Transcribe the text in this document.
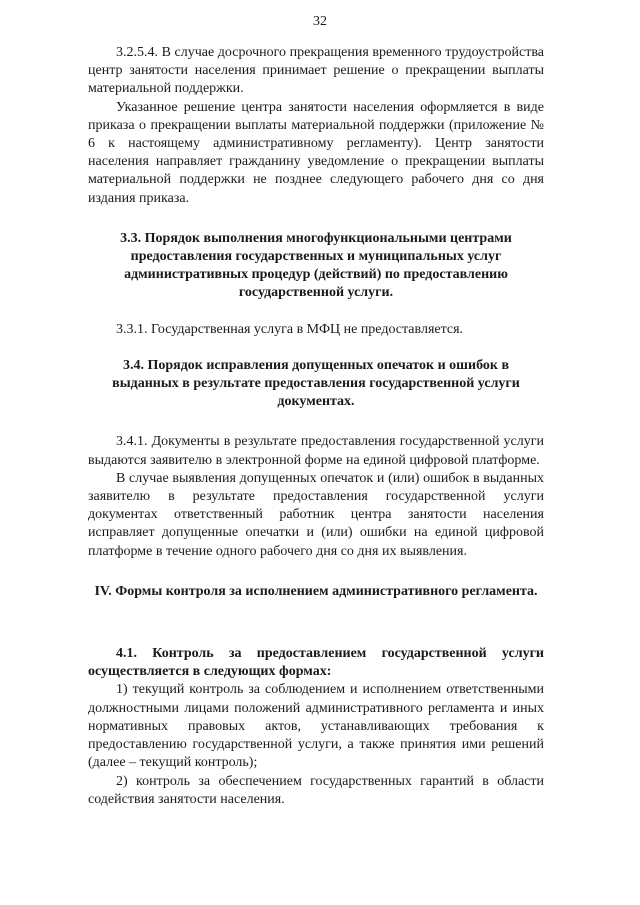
32

3.2.5.4. В случае досрочного прекращения временного трудоустройства центр занятости населения принимает решение о прекращении выплаты материальной поддержки.

Указанное решение центра занятости населения оформляется в виде приказа о прекращении выплаты материальной поддержки (приложение № 6 к настоящему административному регламенту). Центр занятости населения направляет гражданину уведомление о прекращении выплаты материальной поддержки не позднее следующего рабочего дня со дня издания приказа.

3.3. Порядок выполнения многофункциональными центрами предоставления государственных и муниципальных услуг административных процедур (действий) по предоставлению государственной услуги.

3.3.1. Государственная услуга в МФЦ не предоставляется.

3.4. Порядок исправления допущенных опечаток и ошибок в выданных в результате предоставления государственной услуги документах.

3.4.1. Документы в результате предоставления государственной услуги выдаются заявителю в электронной форме на единой цифровой платформе.

В случае выявления допущенных опечаток и (или) ошибок в выданных заявителю в результате предоставления государственной услуги документах ответственный работник центра занятости населения исправляет допущенные опечатки и (или) ошибки на единой цифровой платформе в течение одного рабочего дня со дня их выявления.

IV. Формы контроля за исполнением административного регламента.

4.1. Контроль за предоставлением государственной услуги осуществляется в следующих формах:

1) текущий контроль за соблюдением и исполнением ответственными должностными лицами положений административного регламента и иных нормативных правовых актов, устанавливающих требования к предоставлению государственной услуги, а также принятия ими решений (далее – текущий контроль);

2) контроль за обеспечением государственных гарантий в области содействия занятости населения.
